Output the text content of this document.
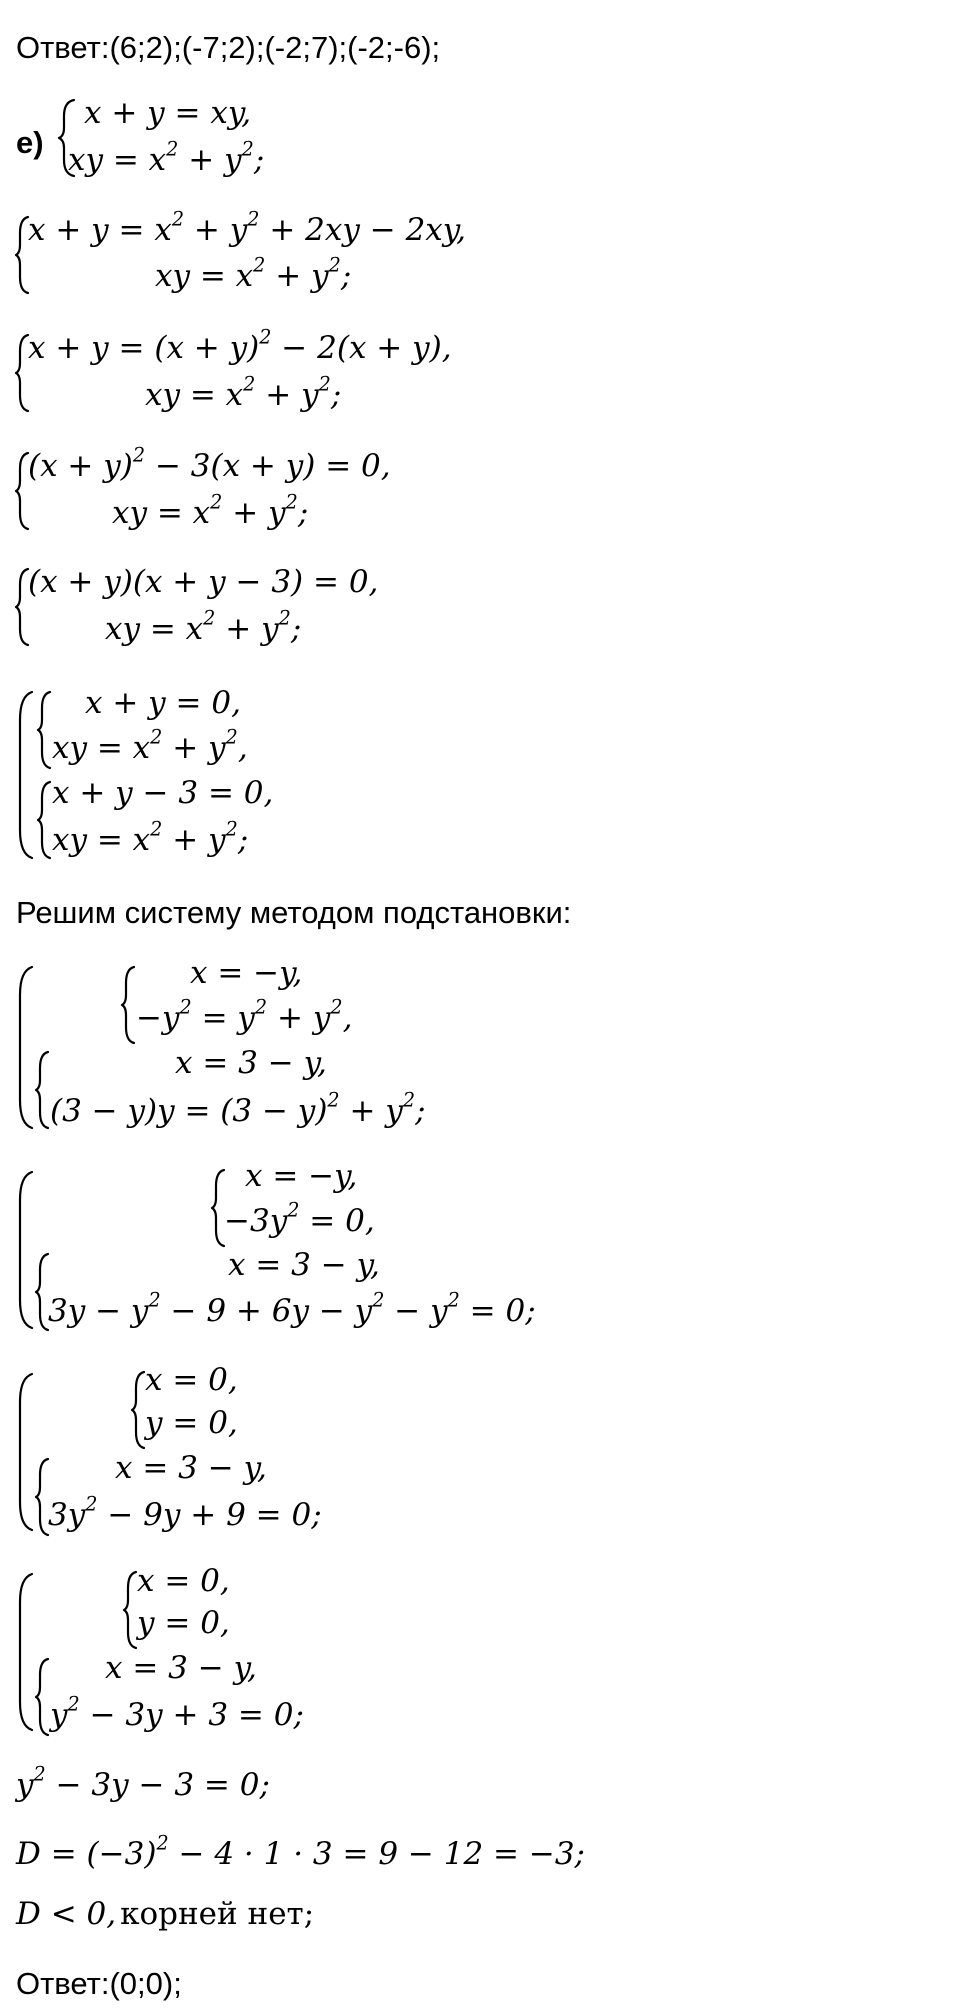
Ответ:(6;2);(-7;2);(-2;7);(-2;-6);
е)
x + y = xy,
xy = $x^2 + y^2$;
$x + y = x^2 + y^2 + 2xy - 2xy$,
xy = $x^2 + y^2$;
$x + y = (x + y)^2 - 2(x + y)$,
xy = $x^2 + y^2$;
$(x + y)^2 - 3(x + y) = 0$,
xy = $x^2 + y^2$;
(x + y)(x + y − 3) = 0,
xy = $x^2 + y^2$;
x + y = 0,
xy = $x^2 + y^2$,
x + y − 3 = 0,
xy = $x^2 + y^2$;
Решим систему методом подстановки:
x = −y,
$-y^2 = y^2 + y^2$,
x = 3 − y,
$(3 - y)y = (3 - y)^2 + y^2$;
x = −y,
$-3y^2 = 0$,
x = 3 − y,
$3y - y^2 - 9 + 6y - y^2 - y^2 = 0$;
x = 0,
y = 0,
x = 3 − y,
$3y^2 - 9y + 9 = 0$;
x = 0,
y = 0,
x = 3 − y,
$y^2 - 3y + 3 = 0$;
$y^2 - 3y - 3 = 0$;
$D = (-3)^2 - 4 \cdot 1 \cdot 3 = 9 - 12 = -3$;
D < 0, корней нет;
Ответ:(0;0);
